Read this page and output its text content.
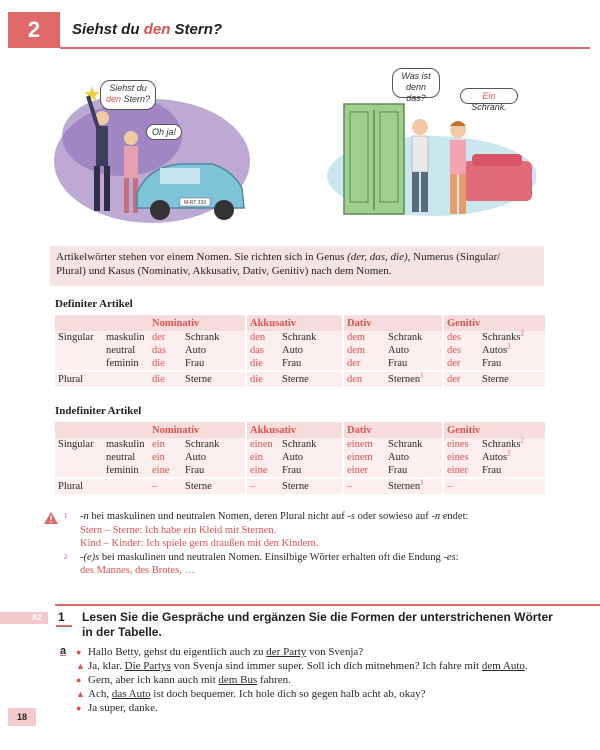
2	Siehst du den Stern?
M-RT 333
Siehst du
den Stern?
Oh ja!
Was ist
denn das?	Ein Schrank.
Artikelwörter stehen vor einem Nomen. Sie richten sich in Genus (der, das, die), Numerus (Singular/
Plural) und Kasus (Nominativ, Akkusativ, Dativ, Genitiv) nach dem Nomen.
Definiter Artikel
		Nominativ		Akkusativ		Dativ		Genitiv	
Singular	maskulin	der	Schrank	den	Schrank	dem	Schrank	des	Schranks$^2$
	neutral	das	Auto	das	Auto	dem	Auto	des	Autos$^2$
	feminin	die	Frau	die	Frau	der	Frau	der	Frau
Plural		die	Sterne	die	Sterne	den	Sternen$^1$	der	Sterne
Indefiniter Artikel
		Nominativ		Akkusativ		Dativ		Genitiv	
Singular	maskulin	ein	Schrank	einen	Schrank	einem	Schrank	eines	Schranks$^2$
	neutral	ein	Auto	ein	Auto	einem	Auto	eines	Autos$^2$
	feminin	eine	Frau	eine	Frau	einer	Frau	einer	Frau
Plural		–	Sterne	–	Sterne	–	Sternen$^1$	–	
1 -n bei maskulinen und neutralen Nomen, deren Plural nicht auf -s oder sowieso auf -n endet:
Stern – Sterne: Ich habe ein Kleid mit Sternen.
Kind – Kinder: Ich spiele gern draußen mit den Kindern.
2 -(e)s bei maskulinen und neutralen Nomen. Einsilbige Wörter erhalten oft die Endung -es:
des Mannes, des Brotes, …
A2	1 Lesen Sie die Gespräche und ergänzen Sie die Formen der unterstrichenen Wörter
in der Tabelle.
a ● Hallo Betty, gehst du eigentlich auch zu der Party von Svenja?
▲ Ja, klar. Die Partys von Svenja sind immer super. Soll ich dich mitnehmen? Ich fahre mit dem Auto.
● Gern, aber ich kann auch mit dem Bus fahren.
▲ Ach, das Auto ist doch bequemer. Ich hole dich so gegen halb acht ab, okay?
● Ja super, danke.
18
